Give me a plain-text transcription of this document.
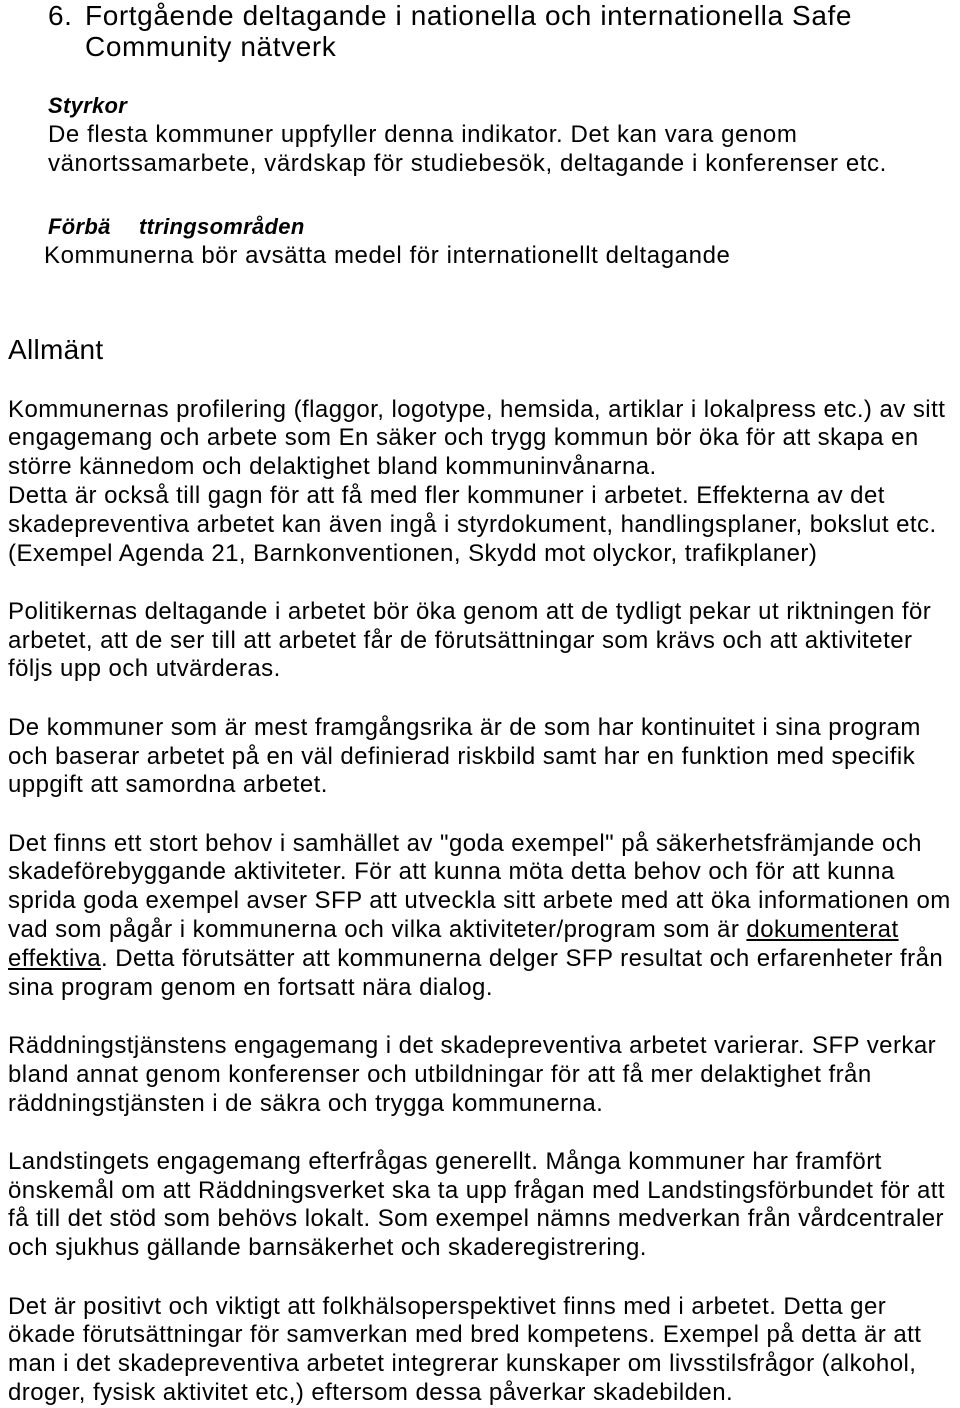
6. Fortgående deltagande i nationella och internationella Safe
Community nätverk
Styrkor
De flesta kommuner uppfyller denna indikator. Det kan vara genom
vänortssamarbete, värdskap för studiebesök, deltagande i konferenser etc.
Förbä ttringsområden
Kommunerna bör avsätta medel för internationellt deltagande
Allmänt
Kommunernas profilering (flaggor, logotype, hemsida, artiklar i lokalpress etc.) av sitt
engagemang och arbete som En säker och trygg kommun bör öka för att skapa en
större kännedom och delaktighet bland kommuninvånarna.
Detta är också till gagn för att få med fler kommuner i arbetet. Effekterna av det
skadepreventiva arbetet kan även ingå i styrdokument, handlingsplaner, bokslut etc.
(Exempel Agenda 21, Barnkonventionen, Skydd mot olyckor, trafikplaner)
Politikernas deltagande i arbetet bör öka genom att de tydligt pekar ut riktningen för
arbetet, att de ser till att arbetet får de förutsättningar som krävs och att aktiviteter
följs upp och utvärderas.
De kommuner som är mest framgångsrika är de som har kontinuitet i sina program
och baserar arbetet på en väl definierad riskbild samt har en funktion med specifik
uppgift att samordna arbetet.
Det finns ett stort behov i samhället av "goda exempel" på säkerhetsfrämjande och
skadeförebyggande aktiviteter. För att kunna möta detta behov och för att kunna
sprida goda exempel avser SFP att utveckla sitt arbete med att öka informationen om
vad som pågår i kommunerna och vilka aktiviteter/program som är dokumenterat
effektiva. Detta förutsätter att kommunerna delger SFP resultat och erfarenheter från
sina program genom en fortsatt nära dialog.
Räddningstjänstens engagemang i det skadepreventiva arbetet varierar. SFP verkar
bland annat genom konferenser och utbildningar för att få mer delaktighet från
räddningstjänsten i de säkra och trygga kommunerna.
Landstingets engagemang efterfrågas generellt. Många kommuner har framfört
önskemål om att Räddningsverket ska ta upp frågan med Landstingsförbundet för att
få till det stöd som behövs lokalt. Som exempel nämns medverkan från vårdcentraler
och sjukhus gällande barnsäkerhet och skaderegistrering.
Det är positivt och viktigt att folkhälsoperspektivet finns med i arbetet. Detta ger
ökade förutsättningar för samverkan med bred kompetens. Exempel på detta är att
man i det skadepreventiva arbetet integrerar kunskaper om livsstilsfrågor (alkohol,
droger, fysisk aktivitet etc,) eftersom dessa påverkar skadebilden.
